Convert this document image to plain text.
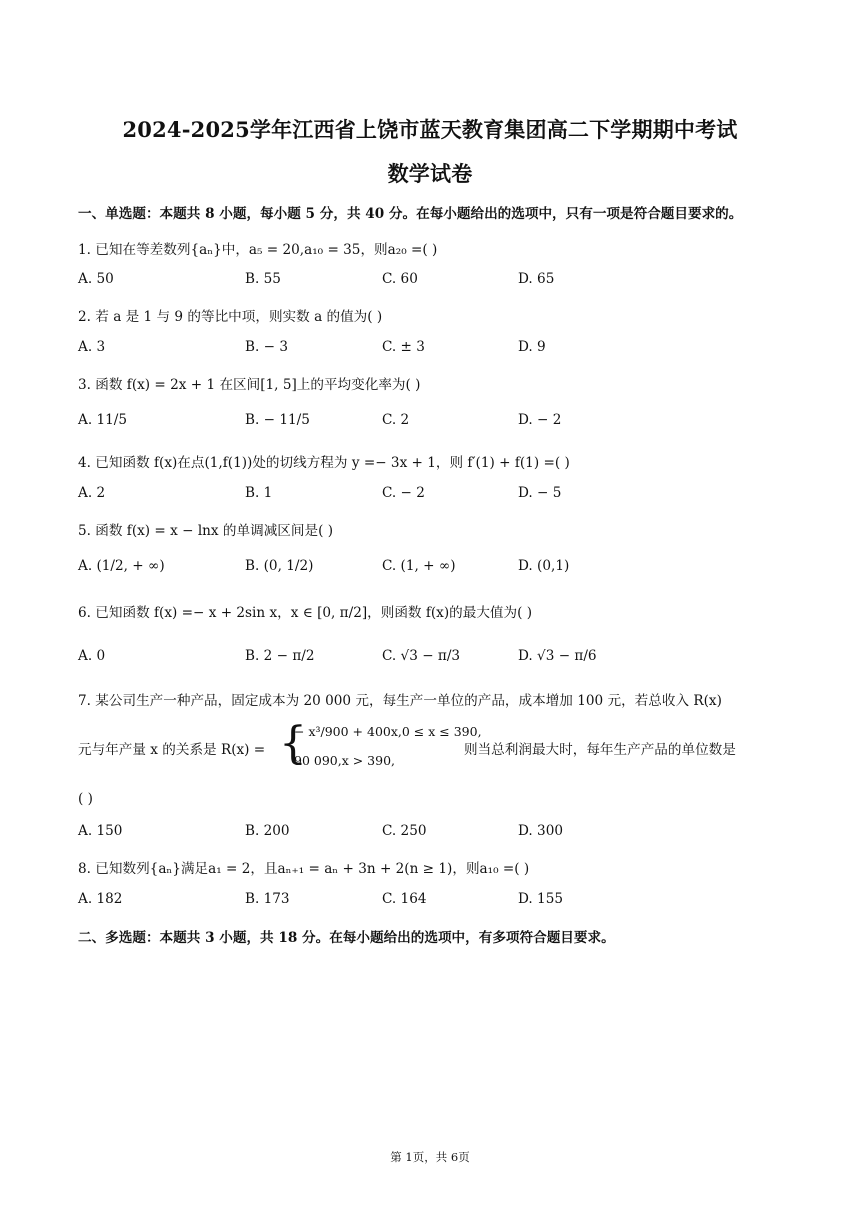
2024-2025学年江西省上饶市蓝天教育集团高二下学期期中考试
数学试卷
一、单选题：本题共 8 小题，每小题 5 分，共 40 分。在每小题给出的选项中，只有一项是符合题目要求的。
1. 已知在等差数列{aₙ}中，a₅ = 20,a₁₀ = 35，则a₂₀ =( )
A. 50	B. 55	C. 60	D. 65
2. 若 a 是 1 与 9 的等比中项，则实数 a 的值为( )
A. 3	B. − 3	C. ± 3	D. 9
3. 函数 f(x) = 2x + 1 在区间[1, 5]上的平均变化率为( )
A. 11/5	B. − 11/5	C. 2	D. − 2
4. 已知函数 f(x)在点(1,f(1))处的切线方程为 y =− 3x + 1，则 f′(1) + f(1) =( )
A. 2	B. 1	C. − 2	D. − 5
5. 函数 f(x) = x − lnx 的单调减区间是( )
A. (1/2, + ∞)	B. (0, 1/2)	C. (1, + ∞)	D. (0,1)
6. 已知函数 f(x) =− x + 2sin x，x ∈ [0, π/2]，则函数 f(x)的最大值为( )
A. 0	B. 2 − π/2	C. √3 − π/3	D. √3 − π/6
7. 某公司生产一种产品，固定成本为 20 000 元，每生产一单位的产品，成本增加 100 元，若总收入 R(x)
元与年产量 x 的关系是 R(x) = {
− x³/900 + 400x,0 ≤ x ≤ 390,
90 090,x > 390,
则当总利润最大时，每年生产产品的单位数是
( )
A. 150	B. 200	C. 250	D. 300
8. 已知数列{aₙ}满足a₁ = 2，且aₙ₊₁ = aₙ + 3n + 2(n ≥ 1)，则a₁₀ =( )
A. 182	B. 173	C. 164	D. 155
二、多选题：本题共 3 小题，共 18 分。在每小题给出的选项中，有多项符合题目要求。
第 1页，共 6页
